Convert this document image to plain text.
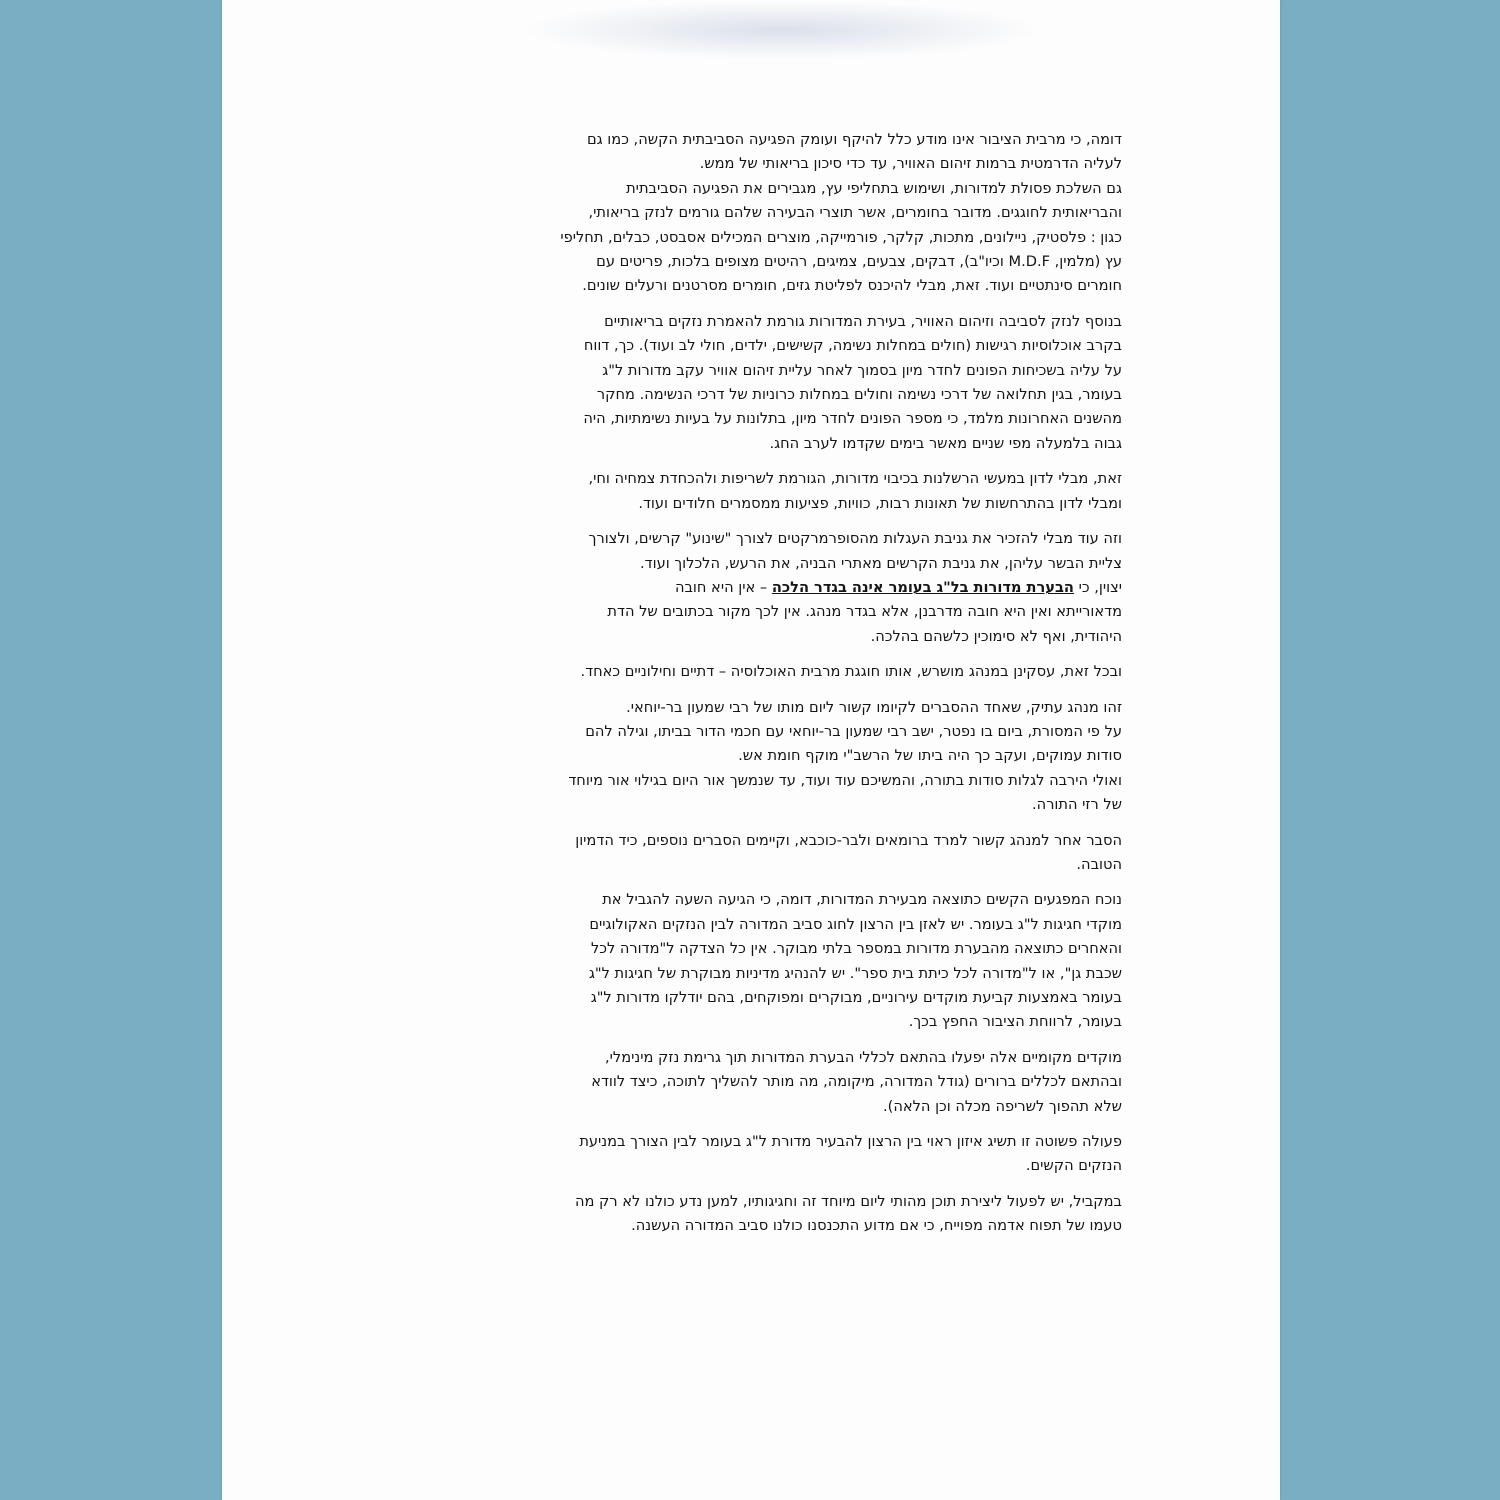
דומה, כי מרבית הציבור אינו מודע כלל להיקף ועומק הפגיעה הסביבתית הקשה, כמו גם
לעליה הדרמטית ברמות זיהום האוויר, עד כדי סיכון בריאותי של ממש.
גם השלכת פסולת למדורות, ושימוש בתחליפי עץ, מגבירים את הפגיעה הסביבתית
והבריאותית לחוגגים. מדובר בחומרים, אשר תוצרי הבעירה שלהם גורמים לנזק בריאותי,
כגון : פלסטיק, ניילונים, מתכות, קלקר, פורמייקה, מוצרים המכילים אסבסט, כבלים, תחליפי
עץ (מלמין, M.D.F וכיו"ב), דבקים, צבעים, צמיגים, רהיטים מצופים בלכות, פריטים עם
חומרים סינתטיים ועוד. זאת, מבלי להיכנס לפליטת גזים, חומרים מסרטנים ורעלים שונים.

בנוסף לנזק לסביבה וזיהום האוויר, בעירת המדורות גורמת להאמרת נזקים בריאותיים
בקרב אוכלוסיות רגישות (חולים במחלות נשימה, קשישים, ילדים, חולי לב ועוד). כך, דווח
על עליה בשכיחות הפונים לחדר מיון בסמוך לאחר עליית זיהום אוויר עקב מדורות ל"ג
בעומר, בגין תחלואה של דרכי נשימה וחולים במחלות כרוניות של דרכי הנשימה. מחקר
מהשנים האחרונות מלמד, כי מספר הפונים לחדר מיון, בתלונות על בעיות נשימתיות, היה
גבוה בלמעלה מפי שניים מאשר בימים שקדמו לערב החג.

זאת, מבלי לדון במעשי הרשלנות בכיבוי מדורות, הגורמת לשריפות ולהכחדת צמחיה וחי,
ומבלי לדון בהתרחשות של תאונות רבות, כוויות, פציעות ממסמרים חלודים ועוד.

וזה עוד מבלי להזכיר את גניבת העגלות מהסופרמרקטים לצורך "שינוע" קרשים, ולצורך
צליית הבשר עליהן, את גניבת הקרשים מאתרי הבניה, את הרעש, הלכלוך ועוד.
יצוין, כי הבערת מדורות בל"ג בעומר אינה בגדר הלכה – אין היא חובה
מדאורייתא ואין היא חובה מדרבנן, אלא בגדר מנהג. אין לכך מקור בכתובים של הדת
היהודית, ואף לא סימוכין כלשהם בהלכה.

ובכל זאת, עסקינן במנהג מושרש, אותו חוגגת מרבית האוכלוסיה – דתיים וחילוניים כאחד.

זהו מנהג עתיק, שאחד ההסברים לקיומו קשור ליום מותו של רבי שמעון בר-יוחאי.
על פי המסורת, ביום בו נפטר, ישב רבי שמעון בר-יוחאי עם חכמי הדור בביתו, וגילה להם
סודות עמוקים, ועקב כך היה ביתו של הרשב"י מוקף חומת אש.
ואולי הירבה לגלות סודות בתורה, והמשיכם עוד ועוד, עד שנמשך אור היום בגילוי אור מיוחד
של רזי התורה.

הסבר אחר למנהג קשור למרד ברומאים ולבר-כוכבא, וקיימים הסברים נוספים, כיד הדמיון
הטובה.

נוכח המפגעים הקשים כתוצאה מבעירת המדורות, דומה, כי הגיעה השעה להגביל את
מוקדי חגיגות ל"ג בעומר. יש לאזן בין הרצון לחוג סביב המדורה לבין הנזקים האקולוגיים
והאחרים כתוצאה מהבערת מדורות במספר בלתי מבוקר. אין כל הצדקה ל"מדורה לכל
שכבת גן", או ל"מדורה לכל כיתת בית ספר". יש להנהיג מדיניות מבוקרת של חגיגות ל"ג
בעומר באמצעות קביעת מוקדים עירוניים, מבוקרים ומפוקחים, בהם יודלקו מדורות ל"ג
בעומר, לרווחת הציבור החפץ בכך.

מוקדים מקומיים אלה יפעלו בהתאם לכללי הבערת המדורות תוך גרימת נזק מינימלי,
ובהתאם לכללים ברורים (גודל המדורה, מיקומה, מה מותר להשליך לתוכה, כיצד לוודא
שלא תהפוך לשריפה מכלה וכן הלאה).

פעולה פשוטה זו תשיג איזון ראוי בין הרצון להבעיר מדורת ל"ג בעומר לבין הצורך במניעת
הנזקים הקשים.

במקביל, יש לפעול ליצירת תוכן מהותי ליום מיוחד זה וחגיגותיו, למען נדע כולנו לא רק מה
טעמו של תפוח אדמה מפוייח, כי אם מדוע התכנסנו כולנו סביב המדורה העשנה.
